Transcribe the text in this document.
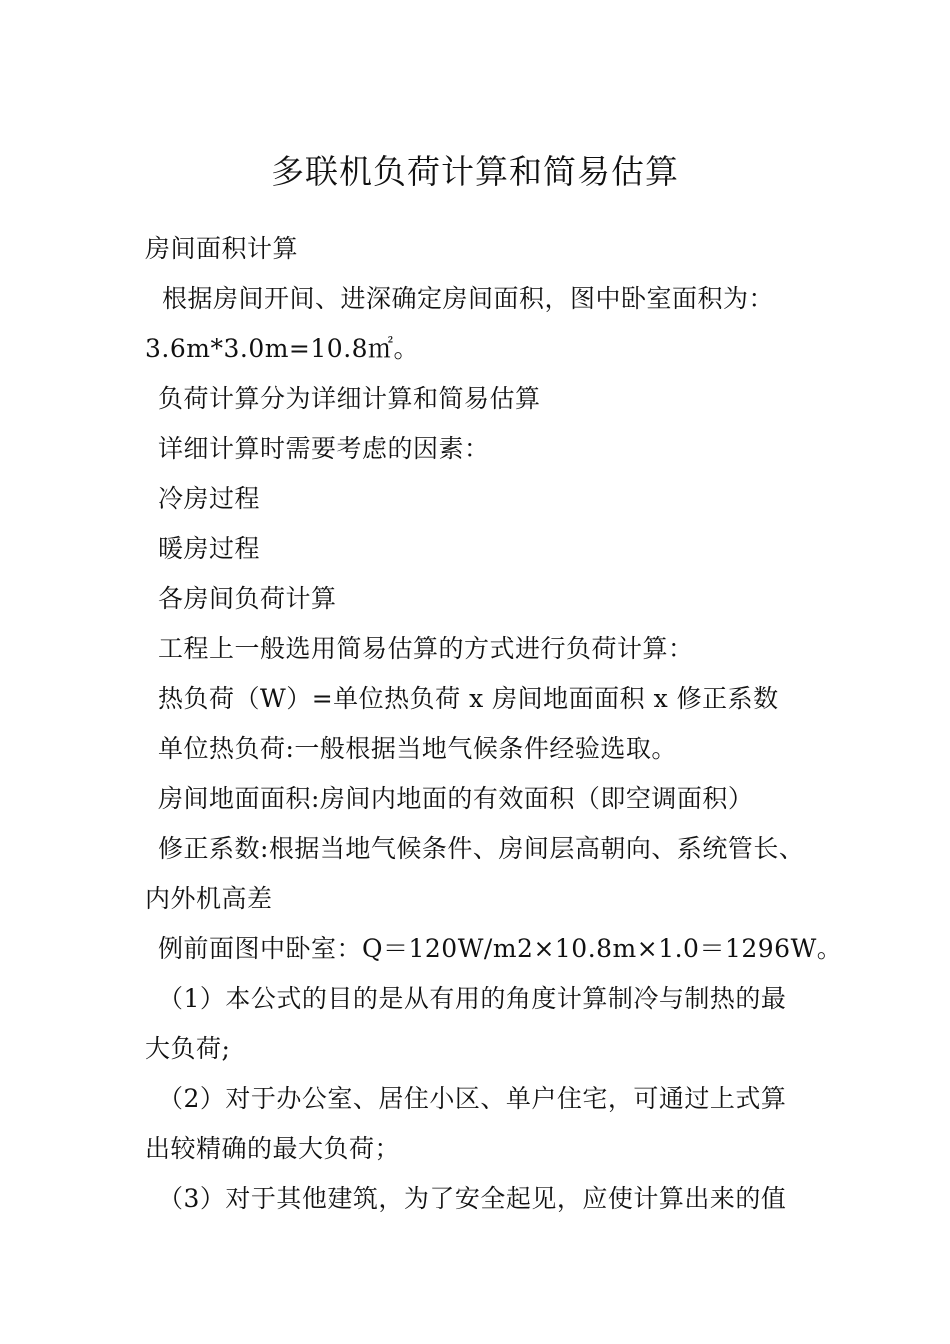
多联机负荷计算和简易估算
房间面积计算
根据房间开间、进深确定房间面积，图中卧室面积为：
3.6m*3.0m=10.8㎡。
负荷计算分为详细计算和简易估算
详细计算时需要考虑的因素：
冷房过程
暖房过程
各房间负荷计算
工程上一般选用简易估算的方式进行负荷计算：
热负荷（W）=单位热负荷 x 房间地面面积 x 修正系数
单位热负荷:一般根据当地气候条件经验选取。
房间地面面积:房间内地面的有效面积（即空调面积）
修正系数:根据当地气候条件、房间层高朝向、系统管长、
内外机高差
例前面图中卧室：Q＝120W/m2×10.8m×1.0＝1296W。
（1）本公式的目的是从有用的角度计算制冷与制热的最
大负荷;
（2）对于办公室、居住小区、单户住宅，可通过上式算
出较精确的最大负荷；
（3）对于其他建筑，为了安全起见，应使计算出来的值
